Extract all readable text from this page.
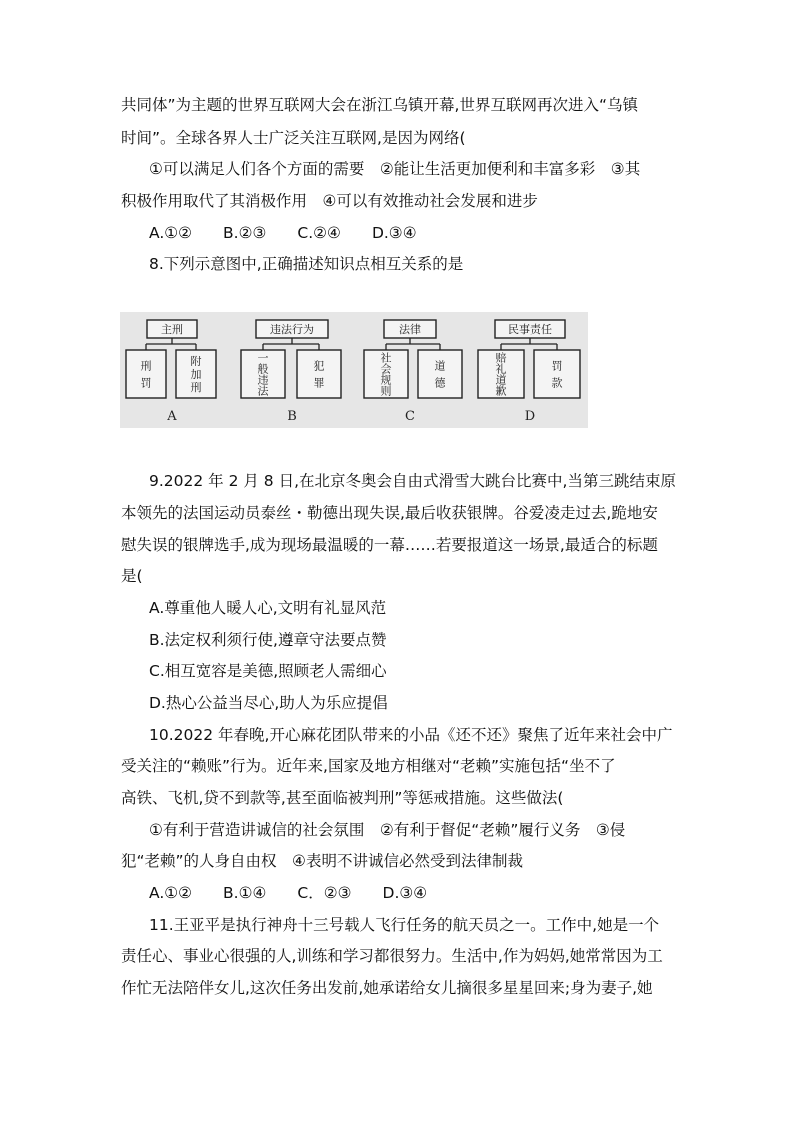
共同体”为主题的世界互联网大会在浙江乌镇开幕,世界互联网再次进入“乌镇
时间”。全球各界人士广泛关注互联网,是因为网络(
①可以满足人们各个方面的需要　②能让生活更加便利和丰富多彩　③其
积极作用取代了其消极作用　④可以有效推动社会发展和进步
A.①②　　B.②③　　C.②④　　D.③④
8.下列示意图中,正确描述知识点相互关系的是
主刑
刑
罚
附
加
刑
A
违法行为
一
般
违
法
犯
罪
B
法律
社
会
规
则
道
德
C
民事责任
赔
礼
道
歉
罚
款
D
9.2022 年 2 月 8 日,在北京冬奥会自由式滑雪大跳台比赛中,当第三跳结束原
本领先的法国运动员泰丝・勒德出现失误,最后收获银牌。谷爱凌走过去,跪地安
慰失误的银牌选手,成为现场最温暖的一幕……若要报道这一场景,最适合的标题
是(
A.尊重他人暖人心,文明有礼显风范
B.法定权利须行使,遵章守法要点赞
C.相互宽容是美德,照顾老人需细心
D.热心公益当尽心,助人为乐应提倡
10.2022 年春晚,开心麻花团队带来的小品《还不还》聚焦了近年来社会中广
受关注的“赖账”行为。近年来,国家及地方相继对“老赖”实施包括“坐不了
高铁、飞机,贷不到款等,甚至面临被判刑”等惩戒措施。这些做法(
①有利于营造讲诚信的社会氛围　②有利于督促“老赖”履行义务　③侵
犯“老赖”的人身自由权　④表明不讲诚信必然受到法律制裁
A.①②　　B.①④　　C．②③　　D.③④
11.王亚平是执行神舟十三号载人飞行任务的航天员之一。工作中,她是一个
责任心、事业心很强的人,训练和学习都很努力。生活中,作为妈妈,她常常因为工
作忙无法陪伴女儿,这次任务出发前,她承诺给女儿摘很多星星回来;身为妻子,她
